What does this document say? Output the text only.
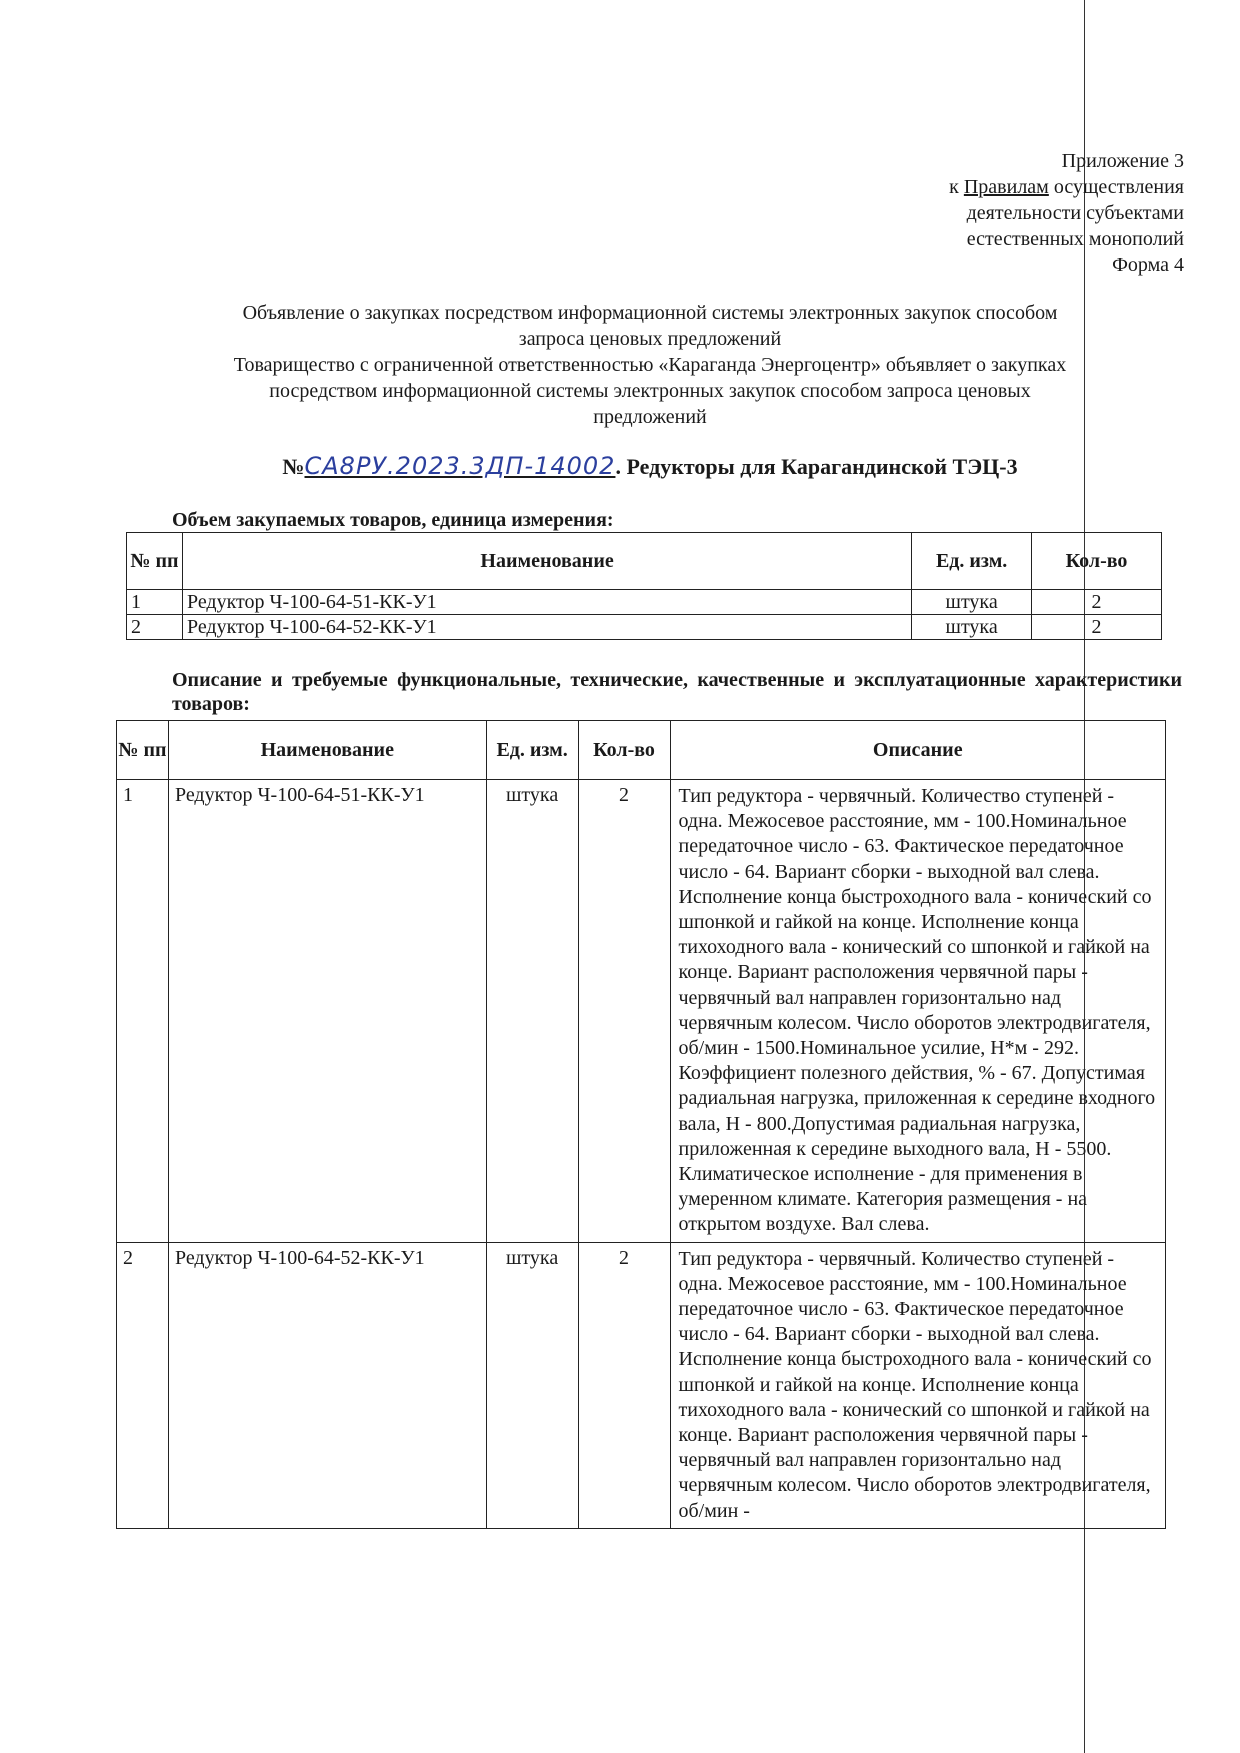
Приложение 3
к Правилам осуществления
деятельности субъектами
естественных монополий
Форма 4
Объявление о закупках посредством информационной системы электронных закупок способом
запроса ценовых предложений
Товарищество с ограниченной ответственностью «Караганда Энергоцентр» объявляет о закупках
посредством информационной системы электронных закупок способом запроса ценовых
предложений
№СА8РУ.2023.3ДП-14002. Редукторы для Карагандинской ТЭЦ-3
Объем закупаемых товаров, единица измерения:
№ пп	Наименование	Ед. изм.	Кол-во
1	Редуктор Ч-100-64-51-КК-У1	штука	2
2	Редуктор Ч-100-64-52-КК-У1	штука	2
Описание и требуемые функциональные, технические, качественные и эксплуатационные характеристики товаров:
№ пп	Наименование	Ед. изм.	Кол-во	Описание
1	Редуктор Ч-100-64-51-КК-У1	штука	2	Тип редуктора - червячный. Количество ступеней - одна. Межосевое расстояние, мм - 100.Номинальное передаточное число - 63. Фактическое передаточное число - 64. Вариант сборки - выходной вал слева. Исполнение конца быстроходного вала - конический со шпонкой и гайкой на конце. Исполнение конца тихоходного вала - конический со шпонкой и гайкой на конце. Вариант расположения червячной пары - червячный вал направлен горизонтально над червячным колесом. Число оборотов электродвигателя, об/мин - 1500.Номинальное усилие, Н*м - 292. Коэффициент полезного действия, % - 67. Допустимая радиальная нагрузка, приложенная к середине входного вала, Н - 800.Допустимая радиальная нагрузка, приложенная к середине выходного вала, Н - 5500. Климатическое исполнение - для применения в умеренном климате. Категория размещения - на открытом воздухе. Вал слева.
2	Редуктор Ч-100-64-52-КК-У1	штука	2	Тип редуктора - червячный. Количество ступеней - одна. Межосевое расстояние, мм - 100.Номинальное передаточное число - 63. Фактическое передаточное число - 64. Вариант сборки - выходной вал слева. Исполнение конца быстроходного вала - конический со шпонкой и гайкой на конце. Исполнение конца тихоходного вала - конический со шпонкой и гайкой на конце. Вариант расположения червячной пары - червячный вал направлен горизонтально над червячным колесом. Число оборотов электродвигателя, об/мин -
